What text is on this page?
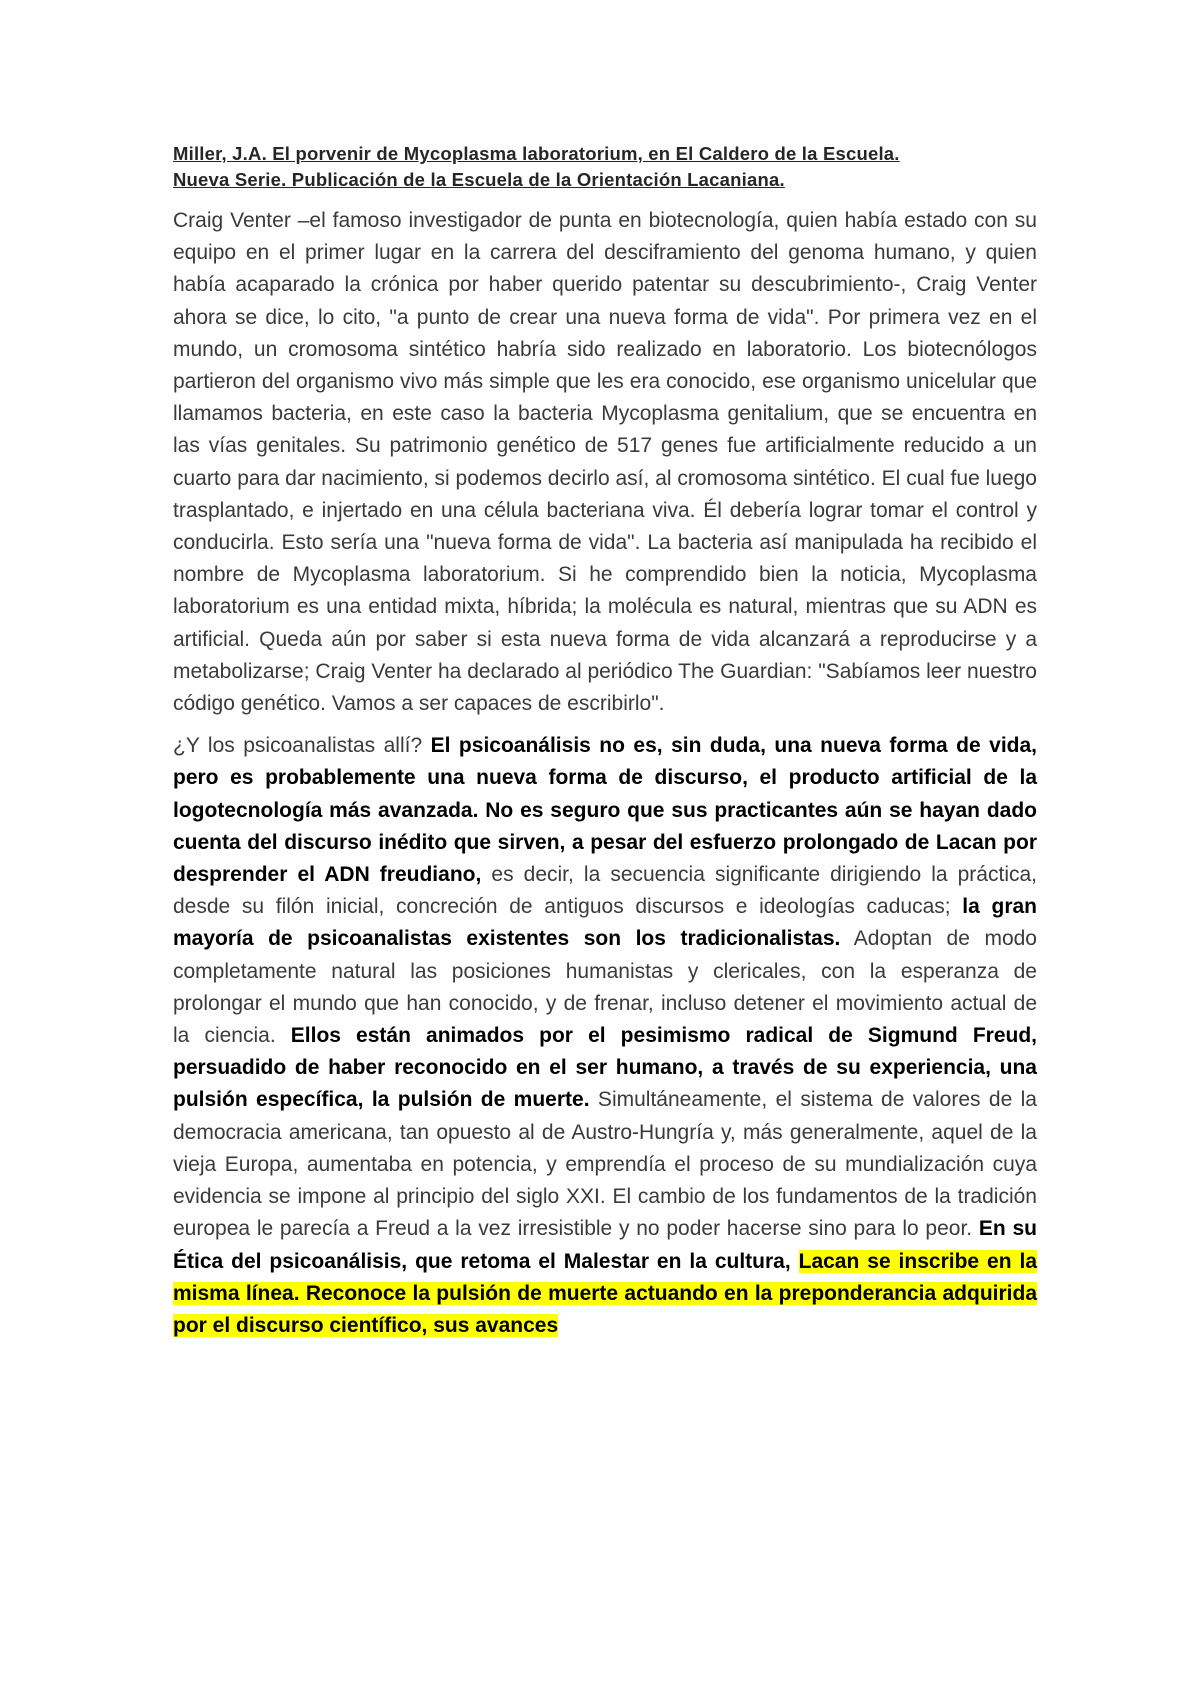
Miller, J.A. El porvenir de Mycoplasma laboratorium, en El Caldero de la Escuela.
Nueva Serie. Publicación de la Escuela de la Orientación Lacaniana.

Craig Venter –el famoso investigador de punta en biotecnología, quien había estado con su equipo en el primer lugar en la carrera del desciframiento del genoma humano, y quien había acaparado la crónica por haber querido patentar su descubrimiento-, Craig Venter ahora se dice, lo cito, "a punto de crear una nueva forma de vida". Por primera vez en el mundo, un cromosoma sintético habría sido realizado en laboratorio. Los biotecnólogos partieron del organismo vivo más simple que les era conocido, ese organismo unicelular que llamamos bacteria, en este caso la bacteria Mycoplasma genitalium, que se encuentra en las vías genitales. Su patrimonio genético de 517 genes fue artificialmente reducido a un cuarto para dar nacimiento, si podemos decirlo así, al cromosoma sintético. El cual fue luego trasplantado, e injertado en una célula bacteriana viva. Él debería lograr tomar el control y conducirla. Esto sería una "nueva forma de vida". La bacteria así manipulada ha recibido el nombre de Mycoplasma laboratorium. Si he comprendido bien la noticia, Mycoplasma laboratorium es una entidad mixta, híbrida; la molécula es natural, mientras que su ADN es artificial. Queda aún por saber si esta nueva forma de vida alcanzará a reproducirse y a metabolizarse; Craig Venter ha declarado al periódico The Guardian: "Sabíamos leer nuestro código genético. Vamos a ser capaces de escribirlo".

¿Y los psicoanalistas allí? El psicoanálisis no es, sin duda, una nueva forma de vida, pero es probablemente una nueva forma de discurso, el producto artificial de la logotecnología más avanzada. No es seguro que sus practicantes aún se hayan dado cuenta del discurso inédito que sirven, a pesar del esfuerzo prolongado de Lacan por desprender el ADN freudiano, es decir, la secuencia significante dirigiendo la práctica, desde su filón inicial, concreción de antiguos discursos e ideologías caducas; la gran mayoría de psicoanalistas existentes son los tradicionalistas. Adoptan de modo completamente natural las posiciones humanistas y clericales, con la esperanza de prolongar el mundo que han conocido, y de frenar, incluso detener el movimiento actual de la ciencia. Ellos están animados por el pesimismo radical de Sigmund Freud, persuadido de haber reconocido en el ser humano, a través de su experiencia, una pulsión específica, la pulsión de muerte. Simultáneamente, el sistema de valores de la democracia americana, tan opuesto al de Austro-Hungría y, más generalmente, aquel de la vieja Europa, aumentaba en potencia, y emprendía el proceso de su mundialización cuya evidencia se impone al principio del siglo XXI. El cambio de los fundamentos de la tradición europea le parecía a Freud a la vez irresistible y no poder hacerse sino para lo peor. En su Ética del psicoanálisis, que retoma el Malestar en la cultura, Lacan se inscribe en la misma línea. Reconoce la pulsión de muerte actuando en la preponderancia adquirida por el discurso científico, sus avances
